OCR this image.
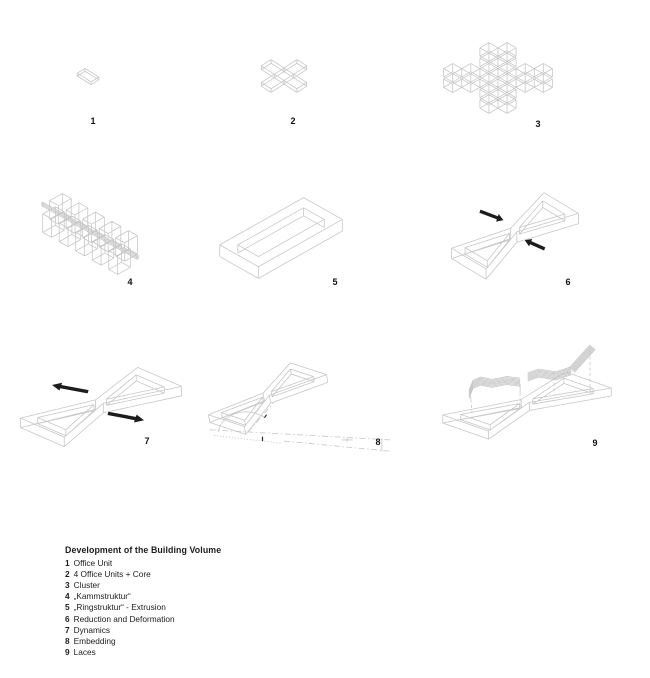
1	2	3
4	5	6
7	8	9
Development of the Building Volume
1 Office Unit
2 4 Office Units + Core
3 Cluster
4 „Kammstruktur“
5 „Ringstruktur“ - Extrusion
6 Reduction and Deformation
7 Dynamics
8 Embedding
9 Laces
